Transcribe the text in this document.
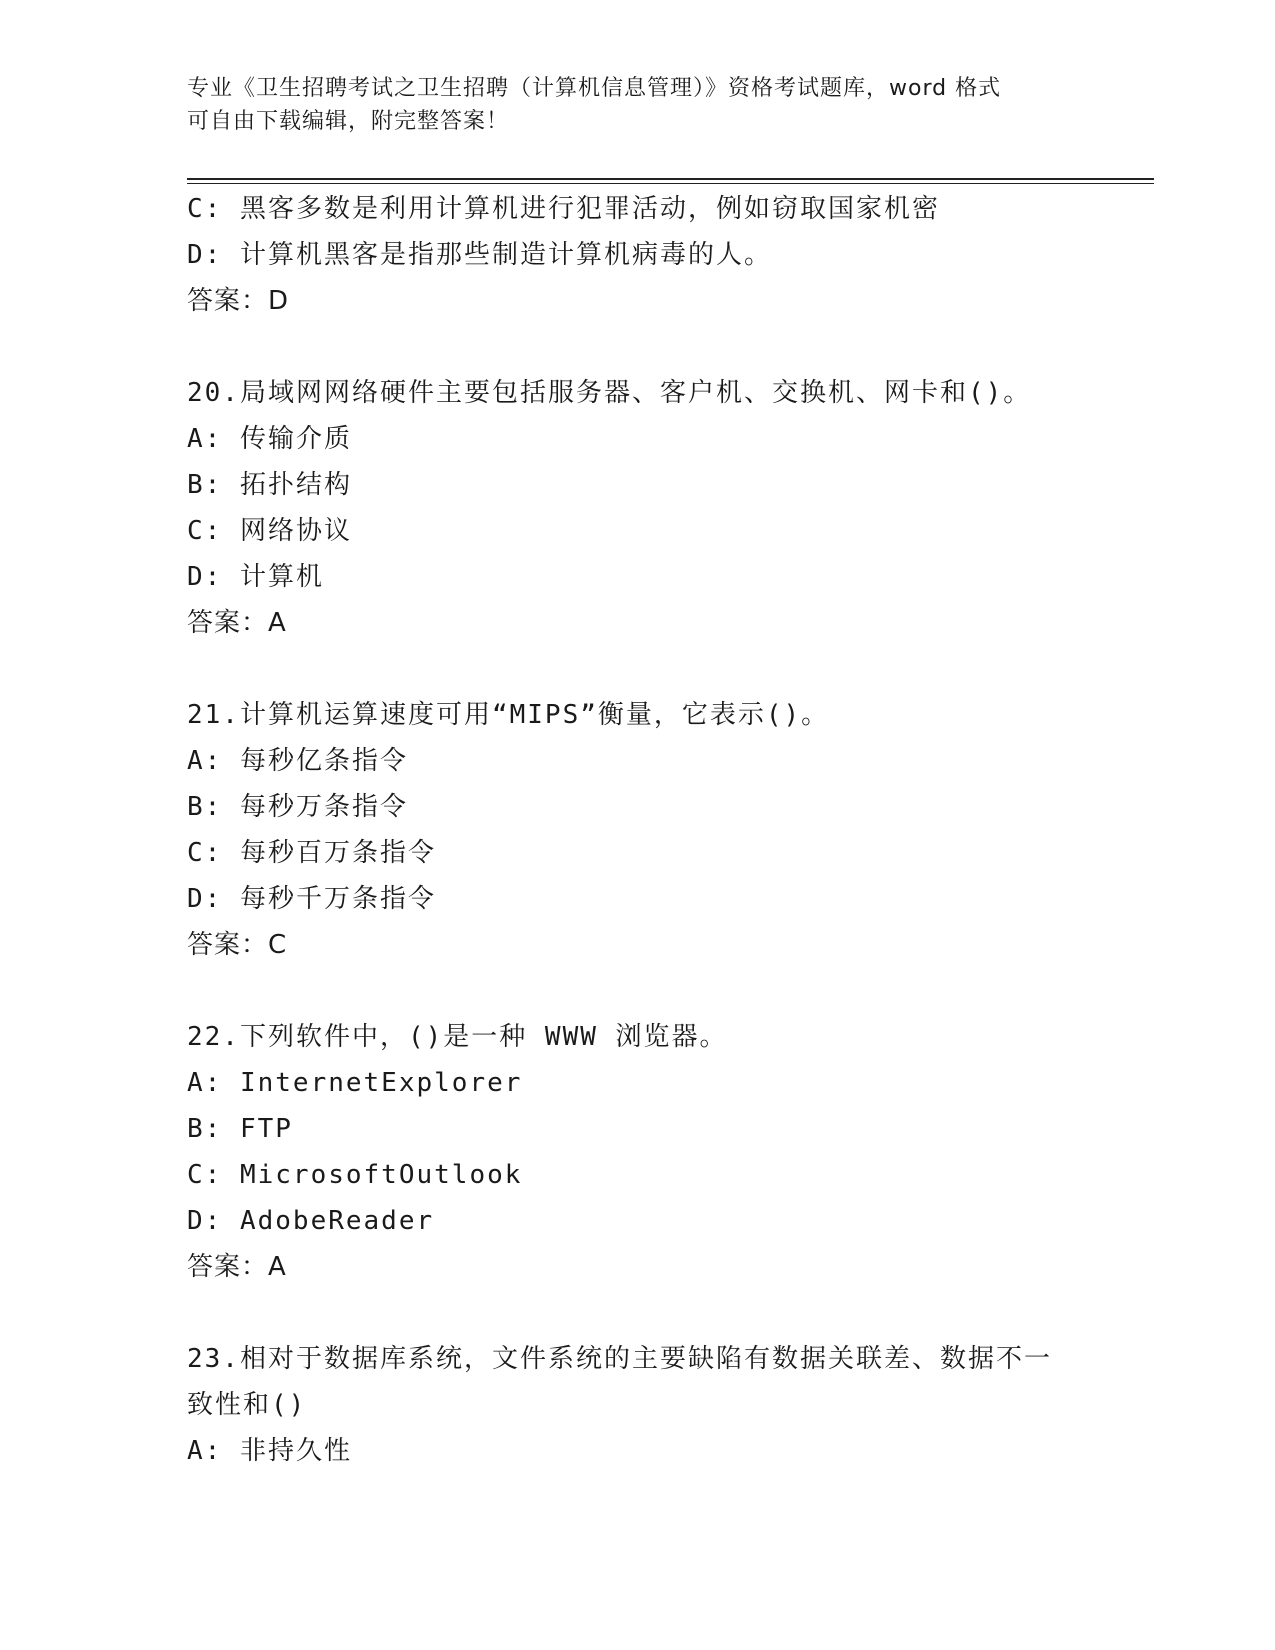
专业《卫生招聘考试之卫生招聘（计算机信息管理）》资格考试题库，word 格式
可自由下载编辑，附完整答案！
C: 黑客多数是利用计算机进行犯罪活动，例如窃取国家机密
D: 计算机黑客是指那些制造计算机病毒的人。
答案：D
20.局域网网络硬件主要包括服务器、客户机、交换机、网卡和()。
A: 传输介质
B: 拓扑结构
C: 网络协议
D: 计算机
答案：A
21.计算机运算速度可用“MIPS”衡量，它表示()。
A: 每秒亿条指令
B: 每秒万条指令
C: 每秒百万条指令
D: 每秒千万条指令
答案：C
22.下列软件中，()是一种 WWW 浏览器。
A: InternetExplorer
B: FTP
C: MicrosoftOutlook
D: AdobeReader
答案：A
23.相对于数据库系统，文件系统的主要缺陷有数据关联差、数据不一
致性和()
A: 非持久性
